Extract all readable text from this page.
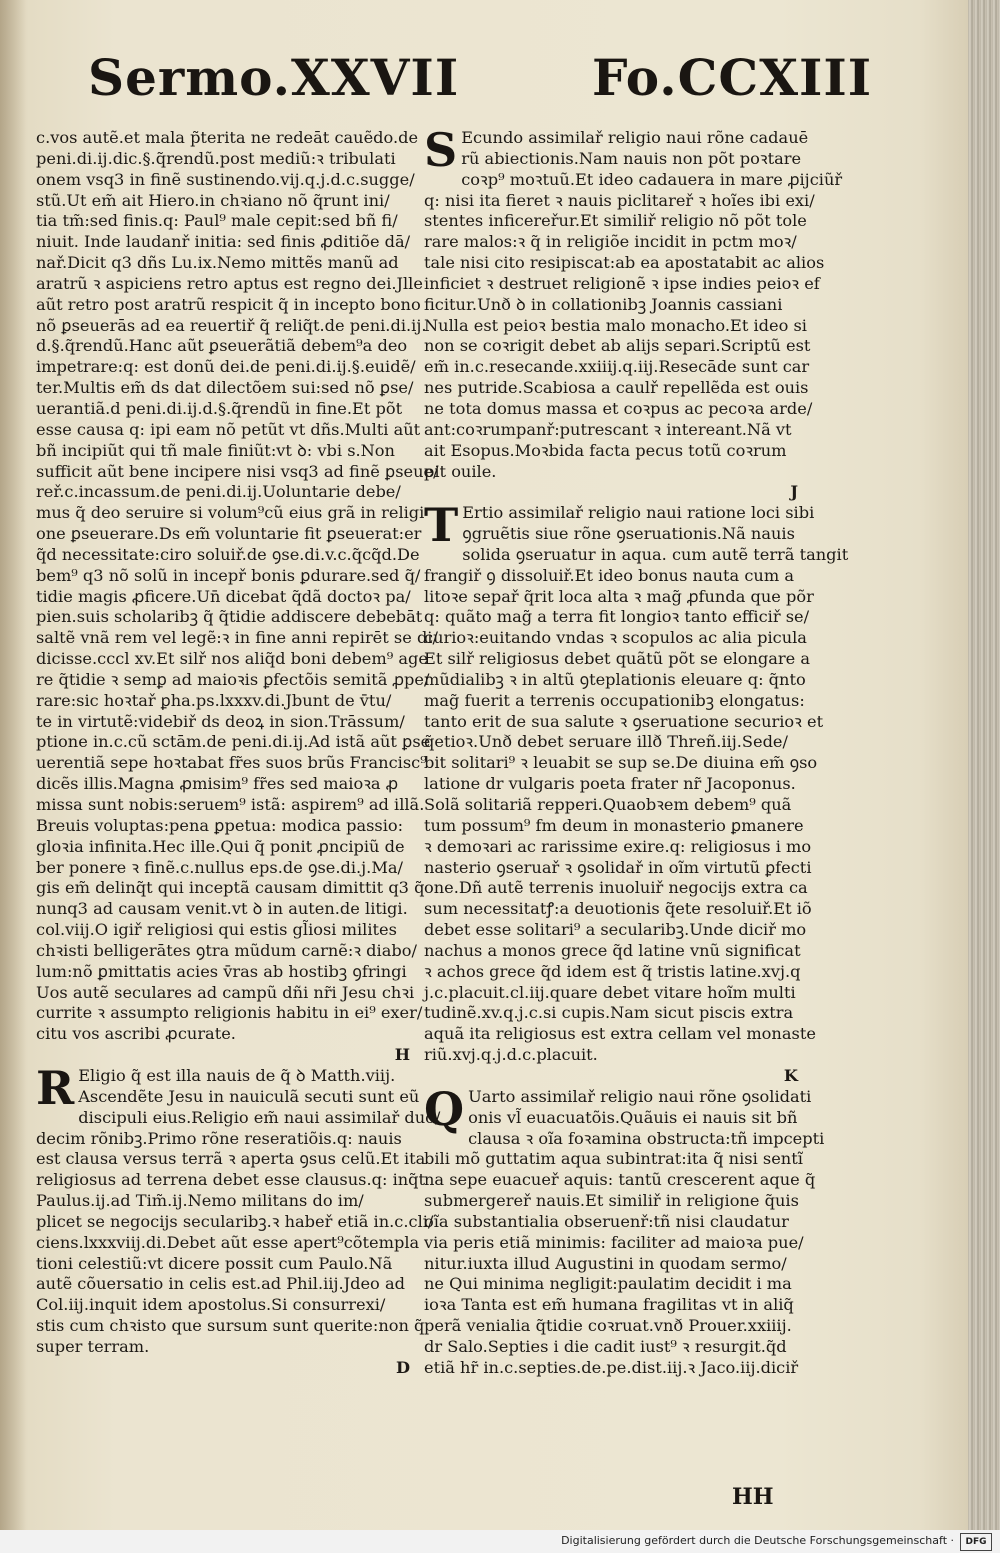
Sermo.XXVII	Fo.CCXIII
c.vos autẽ.et mala p̃terita ne redeāt cauẽdo.de
peni.di.ij.dic.§.q̃rendũ.post mediũ:ꝛ tribulati
onem vsq3 in finẽ sustinendo.vij.q.j.d.c.sugge/
stũ.Ut em̃ ait Hiero.in chꝛiano nõ q̃runt ini/
tia tm̃:sed finis.q: Paul⁹ male cepit:sed bñ fi/
niuit. Inde laudanř initia: sed finis ꝓditiõe dā/
nař.Dicit q3 dñs Lu.ix.Nemo mittẽs manũ ad
aratrũ ꝛ aspiciens retro aptus est regno dei.Jlle
aũt retro post aratrũ respicit q̃ in incepto bono
nõ ꝑseuerās ad ea reuertiř q̃ reliq̃t.de peni.di.ij.
d.§.q̃rendũ.Hanc aũt ꝑseuerãtiã debem⁹a deo
impetrare:q: est donũ dei.de peni.di.ij.§.euidẽ/
ter.Multis em̃ ds dat dilectõem sui:sed nõ ꝑse/
uerantiã.d peni.di.ij.d.§.q̃rendũ in fine.Et põt
esse causa q: ipi eam nõ petũt vt dñs.Multi aũt
bñ incipiũt qui tñ male finiũt:vt ꝺ: vbi s.Non
sufficit aũt bene incipere nisi vsq3 ad finẽ ꝑseue/
reř.c.incassum.de peni.di.ij.Uoluntarie debe/
mus q̃ deo seruire si volum⁹cũ eius grã in religi
one ꝑseuerare.Ds em̃ voluntarie fit ꝑseuerat:er
q̃d necessitate:ciro soluiř.de ꝯse.di.v.c.q̃cq̃d.De
bem⁹ q3 nõ solũ in incepř bonis ꝑdurare.sed q̃/
tidie magis ꝓficere.Un̄ dicebat q̃dã doctoꝛ pa/
pien.suis scholaribꝫ q̃ q̃tidie addiscere debebāt
saltẽ vnã rem vel legẽ:ꝛ in fine anni repirēt se di/
dicisse.cccl xv.Et silř nos aliq̃d boni debem⁹ age
re q̃tidie ꝛ semꝑ ad maioꝛis ꝑfectõis semitã ꝓpe/
rare:sic hoꝛtař ꝑha.ps.lxxxv.di.Jbunt de v̄tu/
te in virtutẽ:videbiř ds deoꝝ in sion.Trāssum/
ptione in.c.cũ sctām.de peni.di.ij.Ad istã aũt ꝑse
uerentiã sepe hoꝛtabat fr̃es suos brũs Francisc⁹
dicẽs illis.Magna ꝓmisim⁹ fr̃es sed maioꝛa ꝓ
missa sunt nobis:seruem⁹ istã: aspirem⁹ ad illã.
Breuis voluptas:pena ꝑpetua: modica passio:
gloꝛia infinita.Hec ille.Qui q̃ ponit ꝓncipiũ de
ber ponere ꝛ finẽ.c.nullus eps.de ꝯse.di.j.Ma/
gis em̃ delinq̃t qui inceptã causam dimittit q3 q̃
nunq3 ad causam venit.vt ꝺ in auten.de litigi.
col.viij.O igiř religiosi qui estis gl̃iosi milites
chꝛisti belligerātes ꝯtra mũdum carnẽ:ꝛ diabo/
lum:nõ ꝑmittatis acies v̄ras ab hostibꝫ ꝯfringi
Uos autẽ seculares ad campũ dñi nr̃i Jesu chꝛi
currite ꝛ assumpto religionis habitu in ei⁹ exer/
citu vos ascribi ꝓcurate.
H
R Eligio q̃ est illa nauis de q̃ ꝺ Matth.viij.
Ascendẽte Jesu in nauiculã secuti sunt eũ
discipuli eius.Religio em̃ naui assimilař duo/
decim rõnibꝫ.Primo rõne reseratiõis.q: nauis
est clausa versus terrã ꝛ aperta ꝯsus celũ.Et ita
religiosus ad terrena debet esse clausus.q: inq̃t
Paulus.ij.ad Tim̃.ij.Nemo militans do im/
plicet se negocijs secularibꝫ.ꝛ habeř etiã in.c.cli/
ciens.lxxxviij.di.Debet aũt esse apert⁹cõtempla
tioni celestiũ:vt dicere possit cum Paulo.Nã
autẽ cõuersatio in celis est.ad Phil.iij.Jdeo ad
Col.iij.inquit idem apostolus.Si consurrexi/
stis cum chꝛisto que sursum sunt querite:non q̃
super terram.
D
S Ecundo assimilař religio naui rõne cadauē
rũ abiectionis.Nam nauis non põt poꝛtare
coꝛp⁹ moꝛtuũ.Et ideo cadauera in mare ꝓijciũř
q: nisi ita fieret ꝛ nauis piclitareř ꝛ hoĩes ibi exi/
stentes inficereřur.Et similiř religio nõ põt tole
rare malos:ꝛ q̃ in religiõe incidit in pctm moꝛ/
tale nisi cito resipiscat:ab ea apostatabit ac alios
inficiet ꝛ destruet religionẽ ꝛ ipse indies peioꝛ ef
ficitur.Unð ꝺ in collationibꝫ Joannis cassiani
Nulla est peioꝛ bestia malo monacho.Et ideo si
non se coꝛrigit debet ab alijs separi.Scriptũ est
em̃ in.c.resecande.xxiiij.q.iij.Resecāde sunt car
nes putride.Scabiosa a caulř repellẽda est ouis
ne tota domus massa et coꝛpus ac pecoꝛa arde/
ant:coꝛrumpanř:putrescant ꝛ intereant.Nã vt
ait Esopus.Moꝛbida facta pecus totũ coꝛrum
pit ouile.
J
T Ertio assimilař religio naui ratione loci sibi
ꝯgruẽtis siue rõne ꝯseruationis.Nã nauis
solida ꝯseruatur in aqua. cum autẽ terrã tangit
frangiř ꝯ dissoluiř.Et ideo bonus nauta cum a
litoꝛe sepař q̃rit loca alta ꝛ mag̃ ꝓfunda que põr
q: quãto mag̃ a terra fit longioꝛ tanto efficiř se/
curioꝛ:euitando vndas ꝛ scopulos ac alia picula
Et silř religiosus debet quãtũ põt se elongare a
mũdialibꝫ ꝛ in altũ ꝯteplationis eleuare q: q̃nto
mag̃ fuerit a terrenis occupationibꝫ elongatus:
tanto erit de sua salute ꝛ ꝯseruatione securioꝛ et
q̃etioꝛ.Unð debet seruare illð Threñ.iij.Sede/
bit solitari⁹ ꝛ leuabit se sup se.De diuina em̃ ꝯso
latione dr vulgaris poeta frater nr̃ Jacoponus.
Solã solitariã repperi.Quaobꝛem debem⁹ quã
tum possum⁹ fm deum in monasterio ꝑmanere
ꝛ demoꝛari ac rarissime exire.q: religiosus i mo
nasterio ꝯseruař ꝛ ꝯsolidař in oĩm virtutũ ꝑfecti
one.Dñ autẽ terrenis inuoluiř negocijs extra ca
sum necessitatꝭ:a deuotionis q̃ete resoluiř.Et iõ
debet esse solitari⁹ a secularibꝫ.Unde diciř mo
nachus a monos grece q̃d latine vnũ significat
ꝛ achos grece q̃d idem est q̃ tristis latine.xvj.q
j.c.placuit.cl.iij.quare debet vitare hoĩm multi
tudinẽ.xv.q.j.c.si cupis.Nam sicut piscis extra
aquã ita religiosus est extra cellam vel monaste
riũ.xvj.q.j.d.c.placuit.
K
Q Uarto assimilař religio naui rõne ꝯsolidati
onis vl̃ euacuatõis.Quãuis ei nauis sit bñ
clausa ꝛ oĩa foꝛamina obstructa:tñ impcepti
bili mõ guttatim aqua subintrat:ita q̃ nisi sentĩ
na sepe euacueř aquis: tantũ crescerent aque q̃
submergereř nauis.Et similiř in religione q̃uis
oĩa substantialia obseruenř:tñ nisi claudatur
via peris etiã minimis: faciliter ad maioꝛa pue/
nitur.iuxta illud Augustini in quodam sermo/
ne Qui minima negligit:paulatim decidit i ma
ioꝛa Tanta est em̃ humana fragilitas vt in aliq̃
perã venialia q̃tidie coꝛruat.vnð Prouer.xxiiij.
dr Salo.Septies i die cadit iust⁹ ꝛ resurgit.q̃d
etiã hr̃ in.c.septies.de.pe.dist.iij.ꝛ Jaco.iij.diciř
HH
Digitalisierung gefördert durch die Deutsche Forschungsgemeinschaft ·	DFG
